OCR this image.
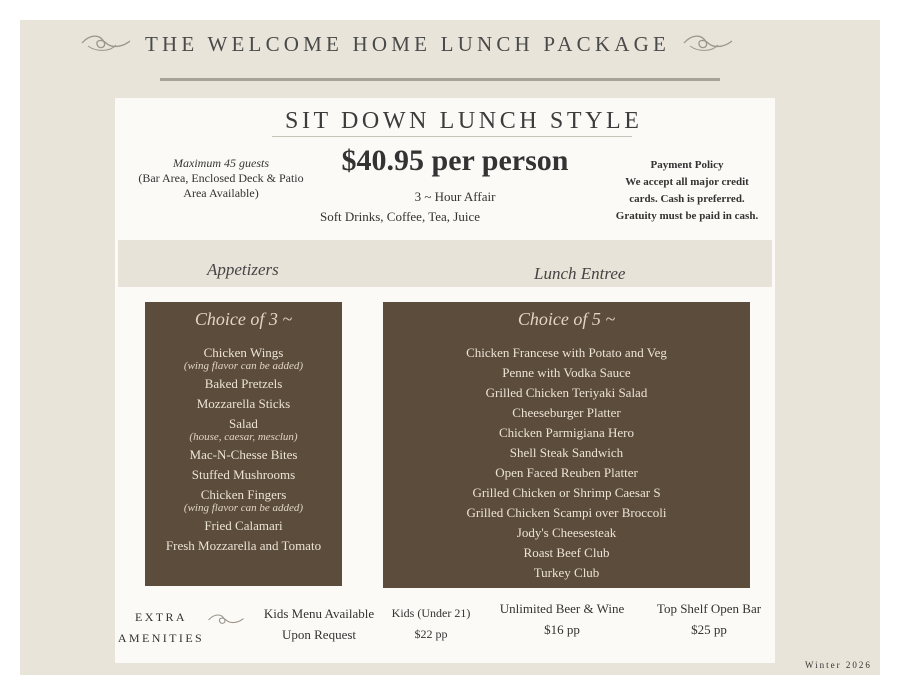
THE WELCOME HOME LUNCH PACKAGE
SIT DOWN LUNCH STYLE
Maximum 45 guests
(Bar Area, Enclosed Deck & Patio Area Available)
$40.95 per person
3 ~ Hour Affair
Soft Drinks, Coffee, Tea, Juice
Payment Policy
We accept all major credit
cards. Cash is preferred.
Gratuity must be paid in cash.
Appetizers	Lunch Entree
Choice of 3 ~
Chicken Wings
(wing flavor can be added)
Baked Pretzels
Mozzarella Sticks
Salad
(house, caesar, mesclun)
Mac-N-Chesse Bites
Stuffed Mushrooms
Chicken Fingers
(wing flavor can be added)
Fried Calamari
Fresh Mozzarella and Tomato
Choice of 5 ~
Chicken Francese with Potato and Veg
Penne with Vodka Sauce
Grilled Chicken Teriyaki Salad
Cheeseburger Platter
Chicken Parmigiana Hero
Shell Steak Sandwich
Open Faced Reuben Platter
Grilled Chicken or Shrimp Caesar S
Grilled Chicken Scampi over Broccoli
Jody's Cheesesteak
Roast Beef Club
Turkey Club
EXTRA
AMENITIES
Kids Menu Available
Upon Request
Kids (Under 21)
$22 pp
Unlimited Beer & Wine
$16 pp
Top Shelf Open Bar
$25 pp
Winter 2026
